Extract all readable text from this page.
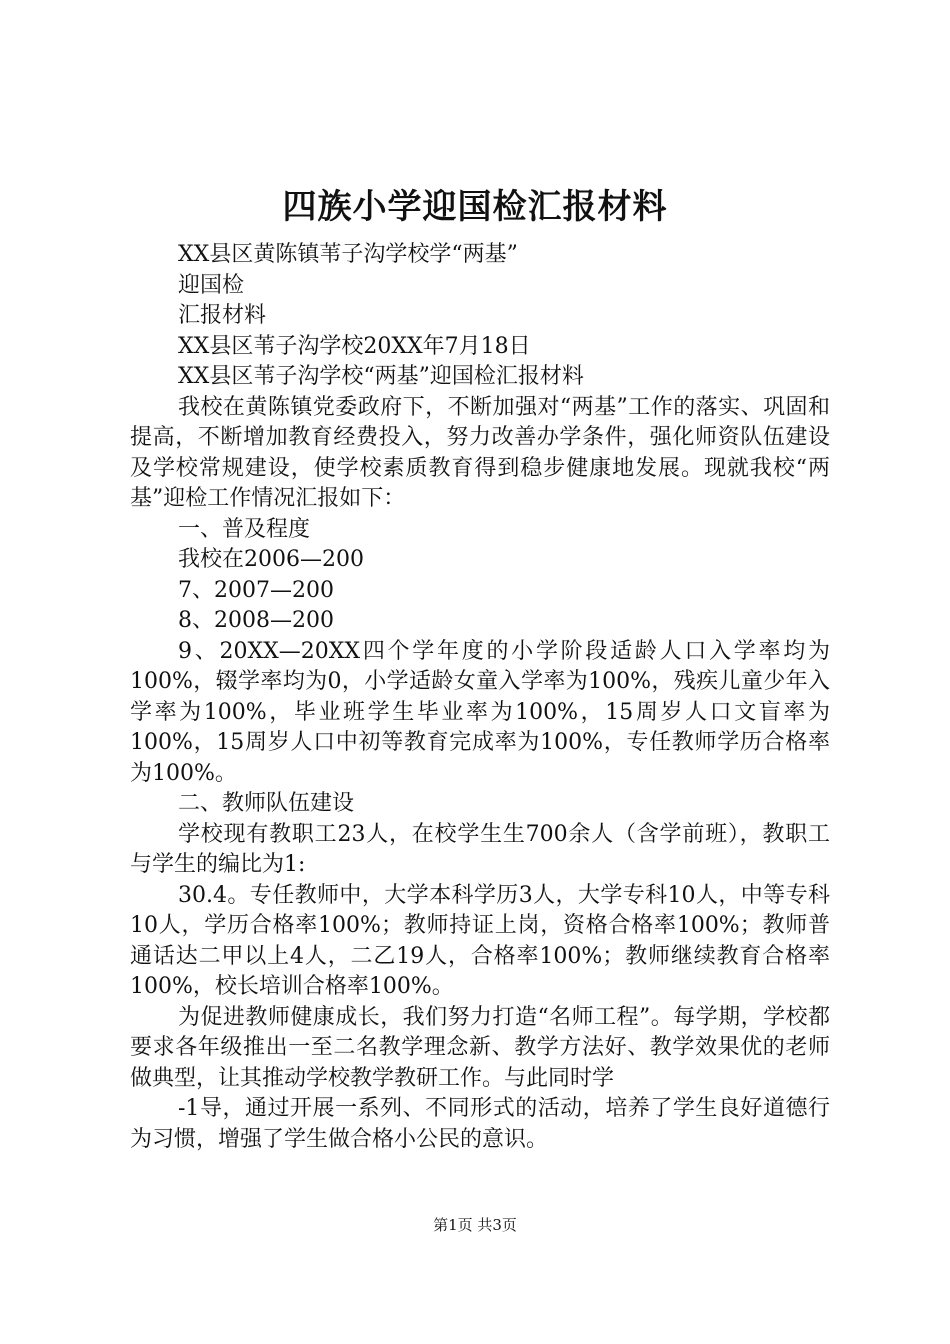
四族小学迎国检汇报材料

XX县区黄陈镇苇子沟学校学“两基”

迎国检

汇报材料

XX县区苇子沟学校20XX年7月18日

XX县区苇子沟学校“两基”迎国检汇报材料

我校在黄陈镇党委政府下，不断加强对“两基”工作的落实、巩固和提高，不断增加教育经费投入，努力改善办学条件，强化师资队伍建设及学校常规建设，使学校素质教育得到稳步健康地发展。现就我校“两基”迎检工作情况汇报如下：

一、普及程度

我校在2006—200

7、2007—200

8、2008—200

9、20XX—20XX四个学年度的小学阶段适龄人口入学率均为100%，辍学率均为0，小学适龄女童入学率为100%，残疾儿童少年入学率为100%，毕业班学生毕业率为100%，15周岁人口文盲率为100%，15周岁人口中初等教育完成率为100%，专任教师学历合格率为100%。

二、教师队伍建设

学校现有教职工23人，在校学生生700余人（含学前班），教职工与学生的编比为1:

30.4。专任教师中，大学本科学历3人，大学专科10人，中等专科10人，学历合格率100%；教师持证上岗，资格合格率100%；教师普通话达二甲以上4人，二乙19人，合格率100%；教师继续教育合格率100%，校长培训合格率100%。

为促进教师健康成长，我们努力打造“名师工程”。每学期，学校都要求各年级推出一至二名教学理念新、教学方法好、教学效果优的老师做典型，让其推动学校教学教研工作。与此同时学

-1导，通过开展一系列、不同形式的活动，培养了学生良好道德行为习惯，增强了学生做合格小公民的意识。

第1页 共3页
